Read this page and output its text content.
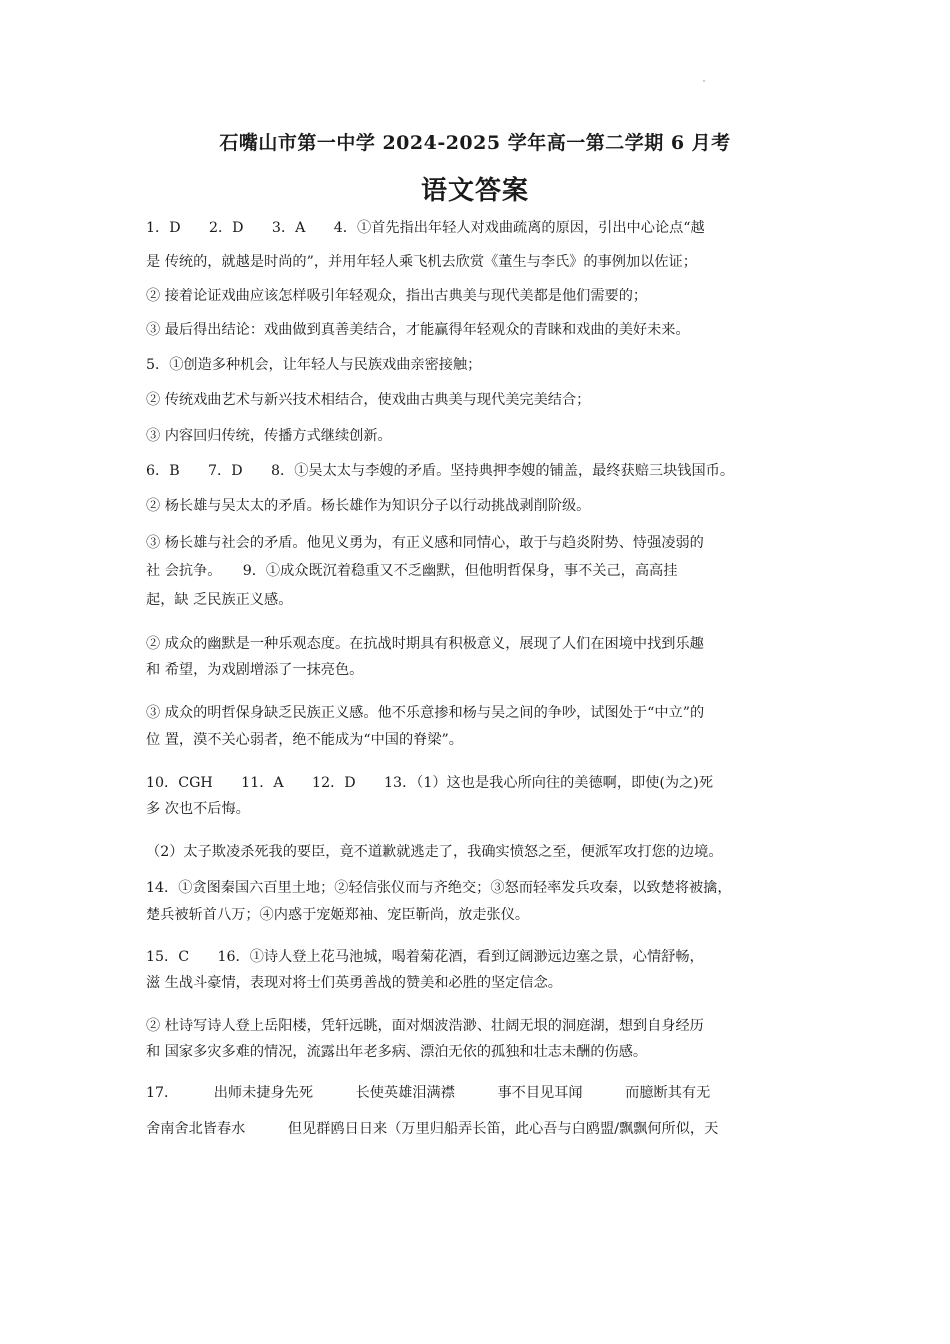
石嘴山市第一中学 2024-2025 学年高一第二学期 6 月考
语文答案
1．D　　2．D　　3．A　　4．①首先指出年轻人对戏曲疏离的原因，引出中心论点“越
是 传统的，就越是时尚的”，并用年轻人乘飞机去欣赏《董生与李氏》的事例加以佐证；
② 接着论证戏曲应该怎样吸引年轻观众，指出古典美与现代美都是他们需要的；
③ 最后得出结论：戏曲做到真善美结合，才能赢得年轻观众的青睐和戏曲的美好未来。
5．①创造多种机会，让年轻人与民族戏曲亲密接触；
② 传统戏曲艺术与新兴技术相结合，使戏曲古典美与现代美完美结合；
③ 内容回归传统，传播方式继续创新。
6．B　　7．D　　8．①吴太太与李嫂的矛盾。坚持典押李嫂的铺盖，最终获赔三块钱国币。
② 杨长雄与吴太太的矛盾。杨长雄作为知识分子以行动挑战剥削阶级。
③ 杨长雄与社会的矛盾。他见义勇为，有正义感和同情心，敢于与趋炎附势、恃强凌弱的
社 会抗争。　　9．①成众既沉着稳重又不乏幽默，但他明哲保身，事不关己，高高挂
起，缺 乏民族正义感。
② 成众的幽默是一种乐观态度。在抗战时期具有积极意义，展现了人们在困境中找到乐趣
和 希望，为戏剧增添了一抹亮色。
③ 成众的明哲保身缺乏民族正义感。他不乐意掺和杨与吴之间的争吵，试图处于“中立”的
位 置，漠不关心弱者，绝不能成为“中国的脊梁”。
10．CGH　　11．A　　12．D　　13．（1）这也是我心所向往的美德啊，即使(为之)死
多 次也不后悔。
（2）太子欺凌杀死我的要臣，竟不道歉就逃走了，我确实愤怒之至，便派军攻打您的边境。
14．①贪图秦国六百里土地；②轻信张仪而与齐绝交；③怒而轻率发兵攻秦，以致楚将被擒，
楚兵被斩首八万；④内惑于宠姬郑袖、宠臣靳尚，放走张仪。
15．C　　16．①诗人登上花马池城，喝着菊花酒，看到辽阔渺远边塞之景，心情舒畅，
滋 生战斗豪情，表现对将士们英勇善战的赞美和必胜的坚定信念。
② 杜诗写诗人登上岳阳楼，凭轩远眺，面对烟波浩渺、壮阔无垠的洞庭湖，想到自身经历
和 国家多灾多难的情况，流露出年老多病、漂泊无依的孤独和壮志未酬的伤感。
17．　　　出师未捷身先死　　　长使英雄泪满襟　　　事不目见耳闻　　　而臆断其有无
舍南舍北皆春水　　　但见群鸥日日来（万里归船弄长笛，此心吾与白鸥盟/飘飘何所似，天
